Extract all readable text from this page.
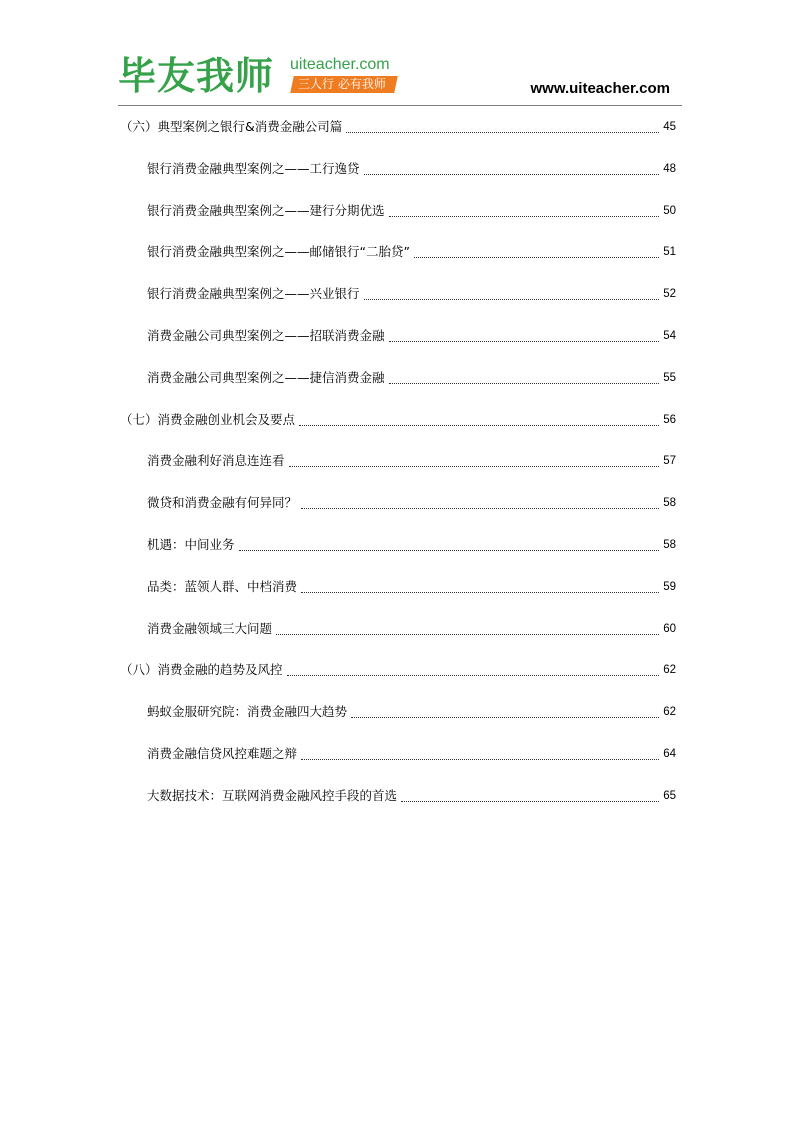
毕友我师 uiteacher.com
三人行 必有我师	www.uiteacher.com
（六）典型案例之银行&消费金融公司篇	45
银行消费金融典型案例之——工行逸贷	48
银行消费金融典型案例之——建行分期优选	50
银行消费金融典型案例之——邮储银行“二胎贷”	51
银行消费金融典型案例之——兴业银行	52
消费金融公司典型案例之——招联消费金融	54
消费金融公司典型案例之——捷信消费金融	55
（七）消费金融创业机会及要点	56
消费金融利好消息连连看	57
微贷和消费金融有何异同？	58
机遇：中间业务	58
品类：蓝领人群、中档消费	59
消费金融领域三大问题	60
（八）消费金融的趋势及风控	62
蚂蚁金服研究院：消费金融四大趋势	62
消费金融信贷风控难题之辩	64
大数据技术：互联网消费金融风控手段的首选	65
